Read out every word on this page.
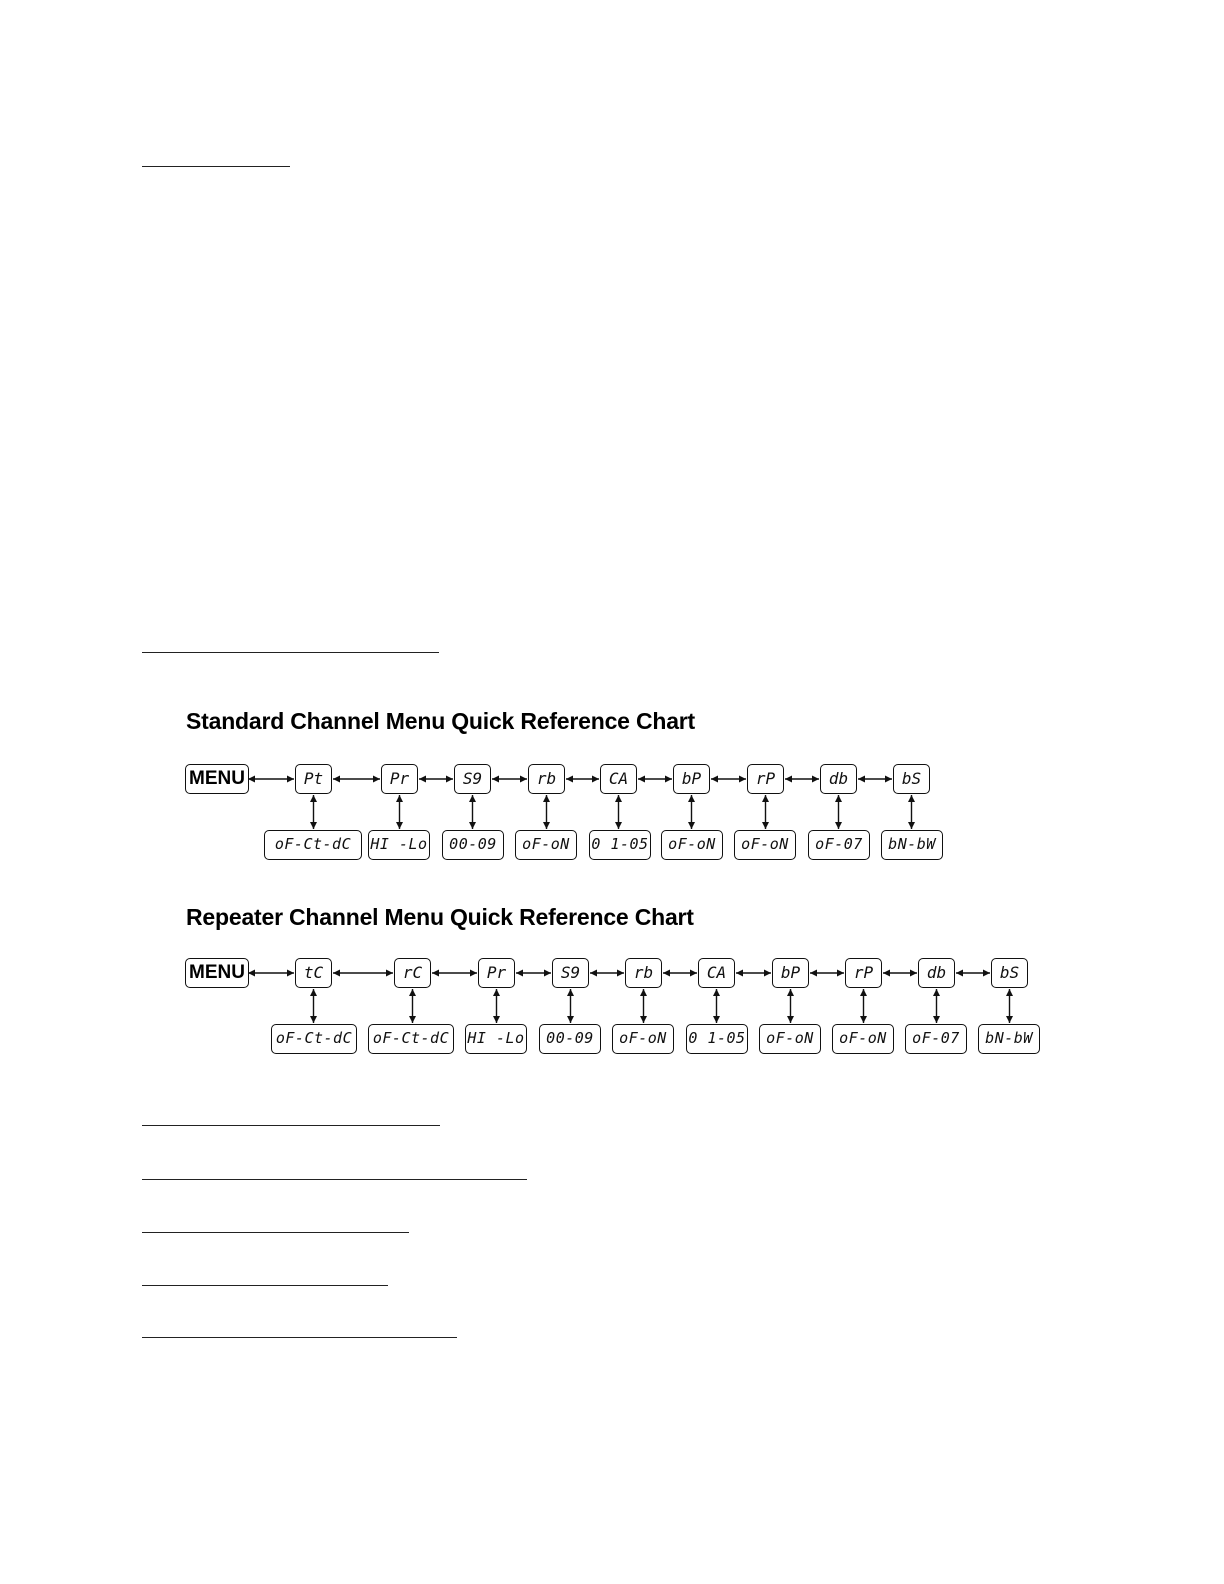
Standard Channel Menu Quick Reference Chart
MENU	Pt
oF-Ct-dC
Pr
HI -Lo
S9
00-09
rb
oF-oN
CA
0 1-05
bP
oF-oN
rP
oF-oN
db
oF-07
bS
bN-bW
Repeater Channel Menu Quick Reference Chart
MENU	tC
oF-Ct-dC
rC
oF-Ct-dC
Pr
HI -Lo
S9
00-09
rb
oF-oN
CA
0 1-05
bP
oF-oN
rP
oF-oN
db
oF-07
bS
bN-bW
